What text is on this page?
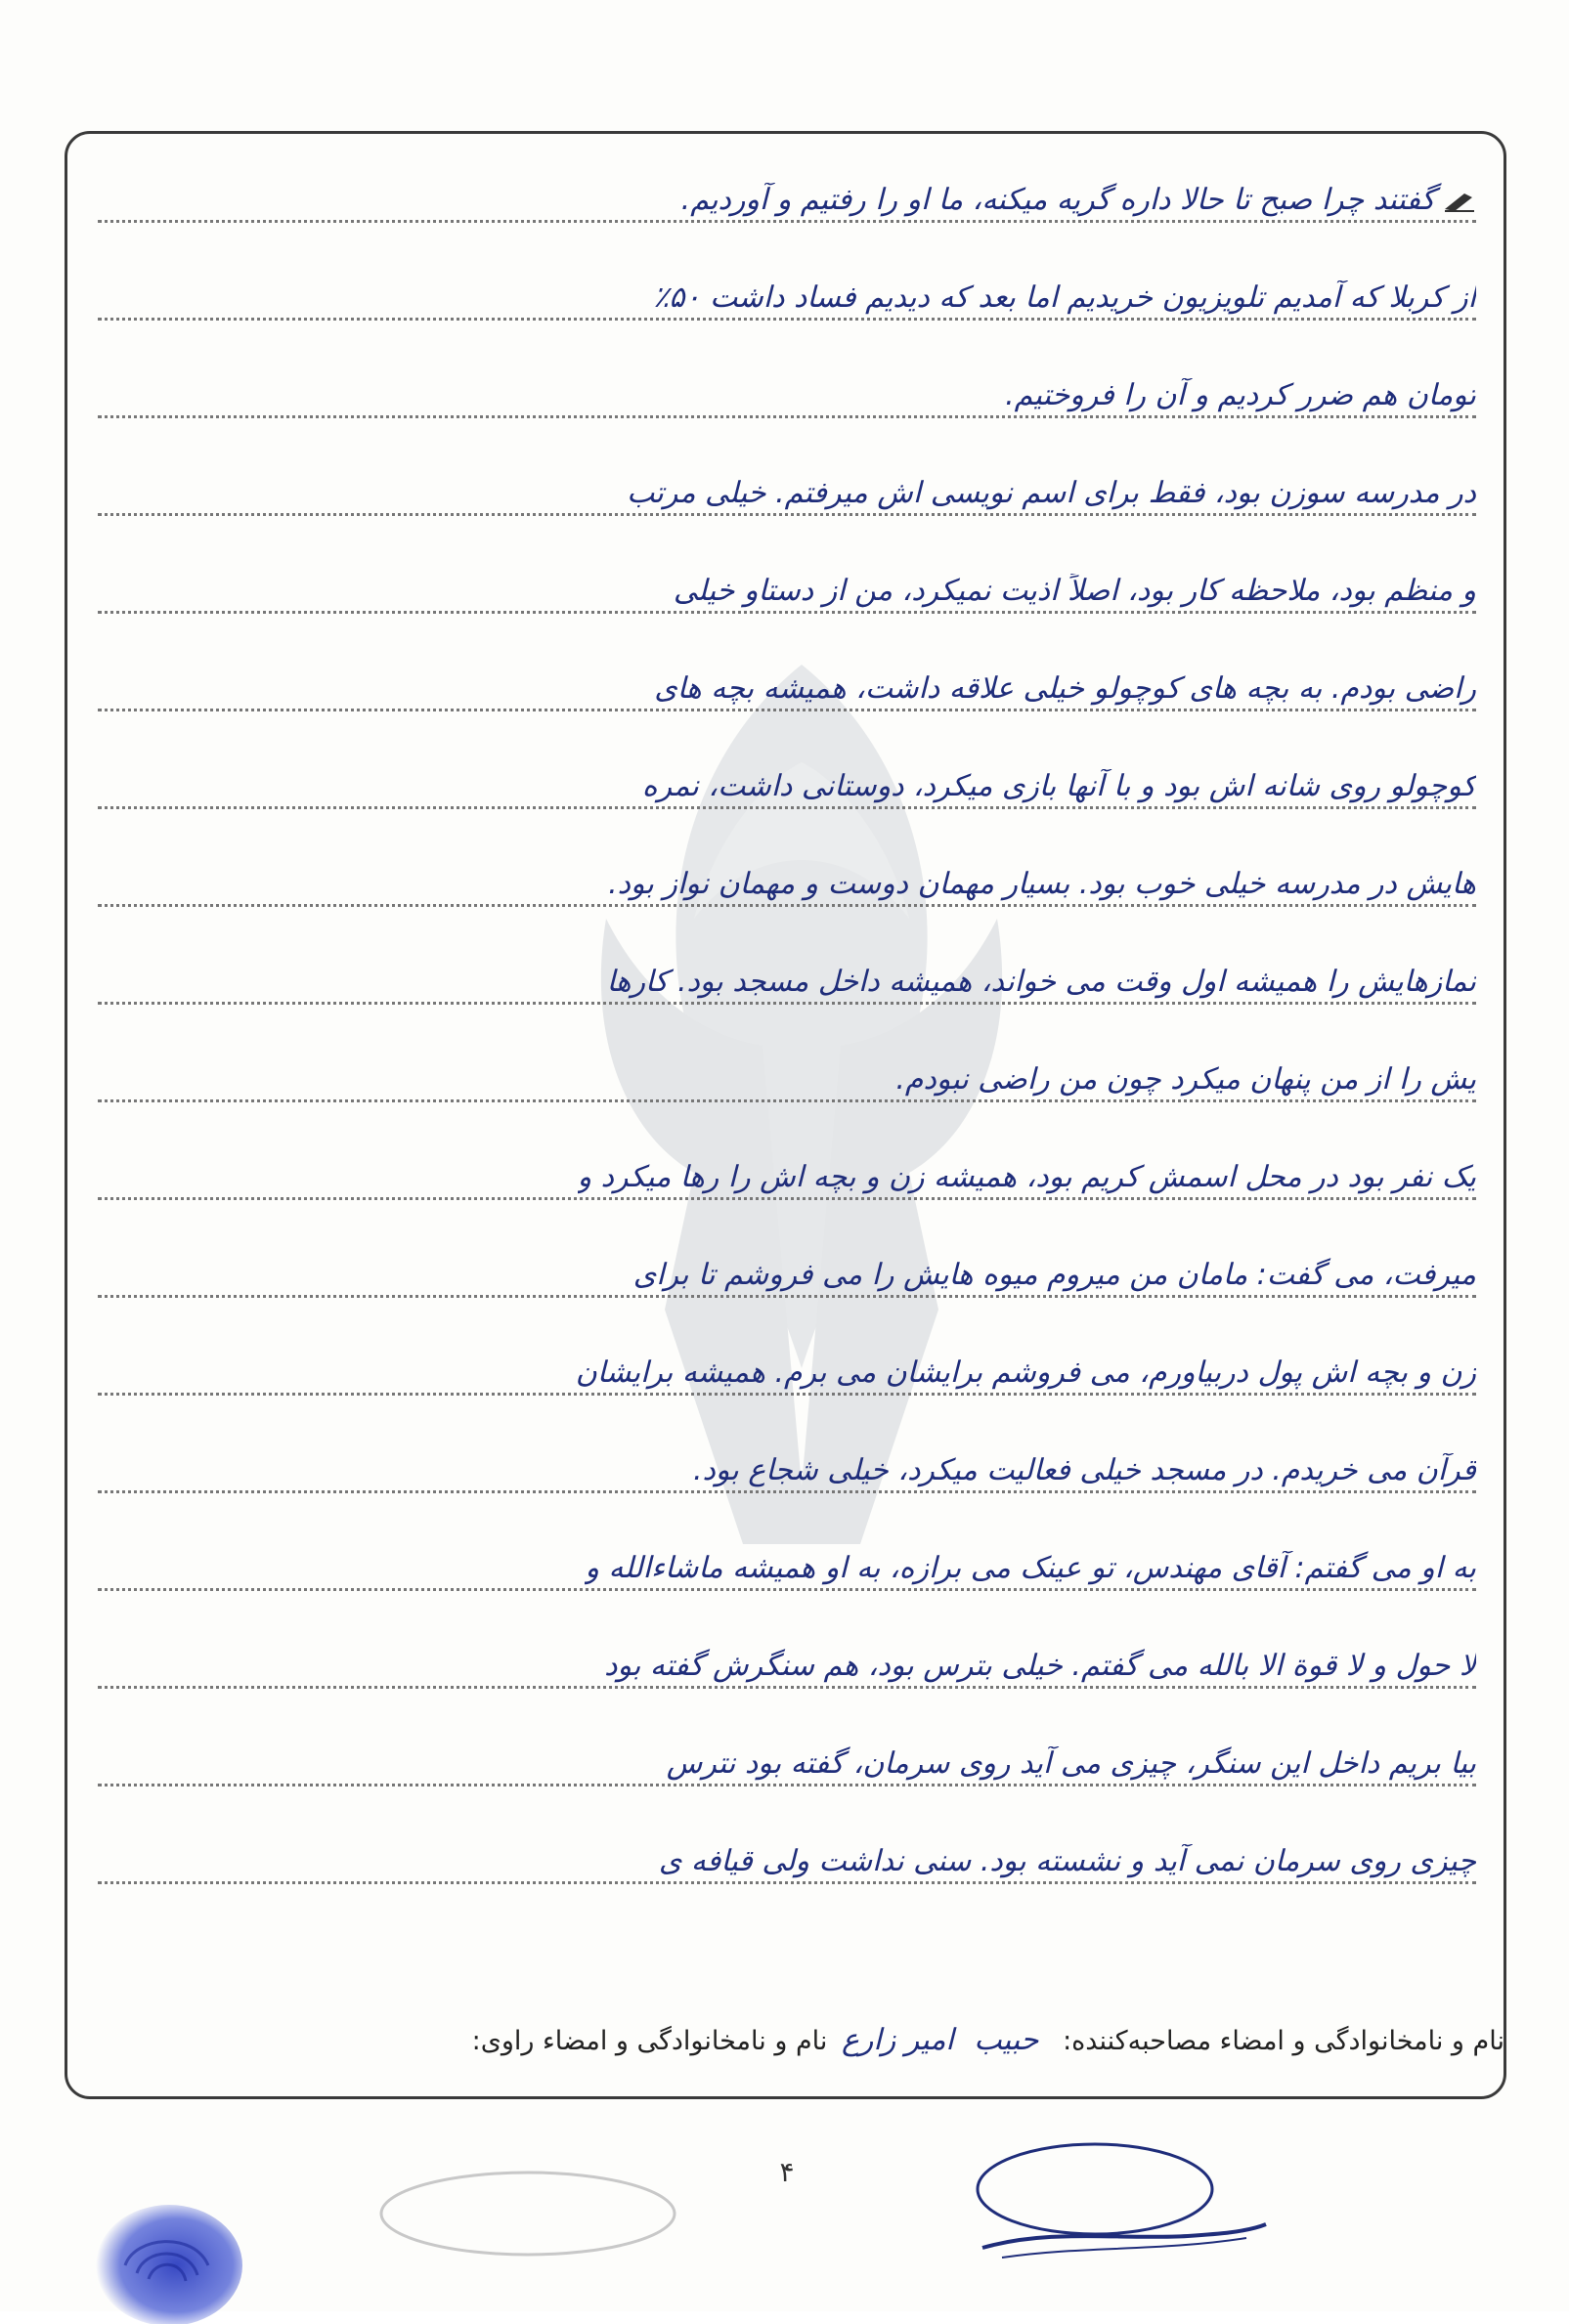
گفتند چرا صبح تا حالا داره گریه میکنه، ما او را رفتیم و آوردیم.
از کربلا که آمدیم تلویزیون خریدیم اما بعد که دیدیم فساد داشت ۵۰٪
تومان هم ضرر کردیم و آن را فروختیم.
در مدرسه سوزن بود، فقط برای اسم نویسی اش میرفتم. خیلی مرتب
و منظم بود، ملاحظه کار بود، اصلاً اذیت نمیکرد، من از دستاو خیلی
راضی بودم. به بچه های کوچولو خیلی علاقه داشت، همیشه بچه های
کوچولو روی شانه اش بود و با آنها بازی میکرد، دوستانی داشت، نمره
هایش در مدرسه خیلی خوب بود. بسیار مهمان دوست و مهمان نواز بود.
نمازهایش را همیشه اول وقت می خواند، همیشه داخل مسجد بود. کارها
یش را از من پنهان میکرد چون من راضی نبودم.
یک نفر بود در محل اسمش کریم بود، همیشه زن و بچه اش را رها میکرد و
میرفت، می گفت: مامان من میروم میوه هایش را می فروشم تا برای
زن و بچه اش پول دربیاورم، می فروشم برایشان می برم. همیشه برایشان
قرآن می خریدم. در مسجد خیلی فعالیت میکرد، خیلی شجاع بود.
به او می گفتم: آقای مهندس، تو عینک می برازه، به او همیشه ماشاءالله و
لا حول و لا قوة الا بالله می گفتم. خیلی بترس بود، هم سنگرش گفته بود
بیا بریم داخل این سنگر، چیزی می آید روی سرمان، گفته بود نترس
چیزی روی سرمان نمی آید و نشسته بود. سنی نداشت ولی قیافه ی
نام و نامخانوادگی و امضاء مصاحبه‌کننده: حبیب امیر زارع نام و نامخانوادگی و امضاء راوی:
۴
